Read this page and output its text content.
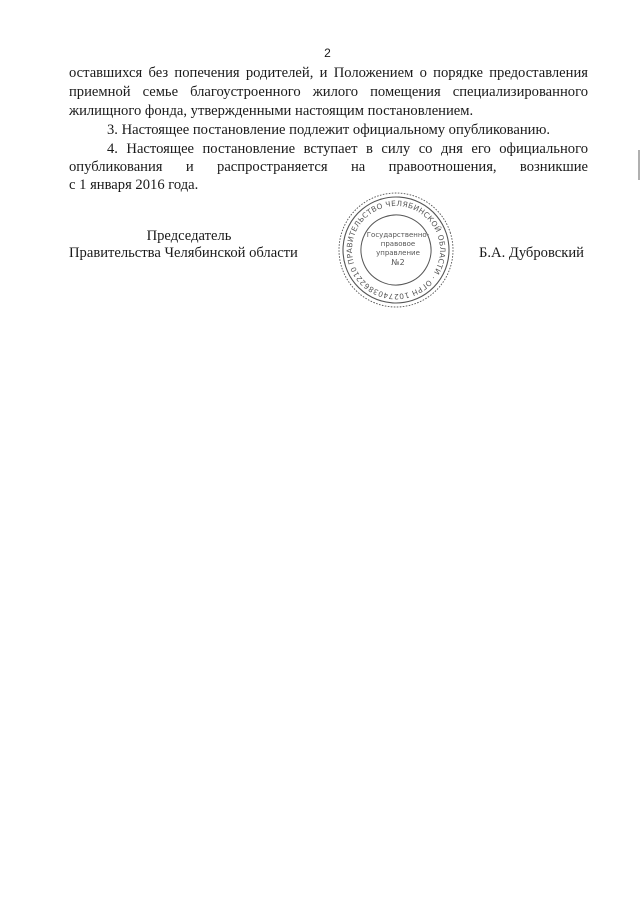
2
оставшихся без попечения родителей, и Положением о порядке предоставления
приемной семье благоустроенного жилого помещения специализированного
жилищного фонда, утвержденными настоящим постановлением.
3. Настоящее постановление подлежит официальному опубликованию.
4. Настоящее постановление вступает в силу со дня его официального
опубликования и распространяется на правоотношения, возникшие
с 1 января 2016 года.
Председатель
Правительства Челябинской области	Б.А. Дубровский
ПРАВИТЕЛЬСТВО ЧЕЛЯБИНСКОЙ ОБЛАСТИ · ОГРН 1027403862210
Государственно-
правовое
управление
№2
